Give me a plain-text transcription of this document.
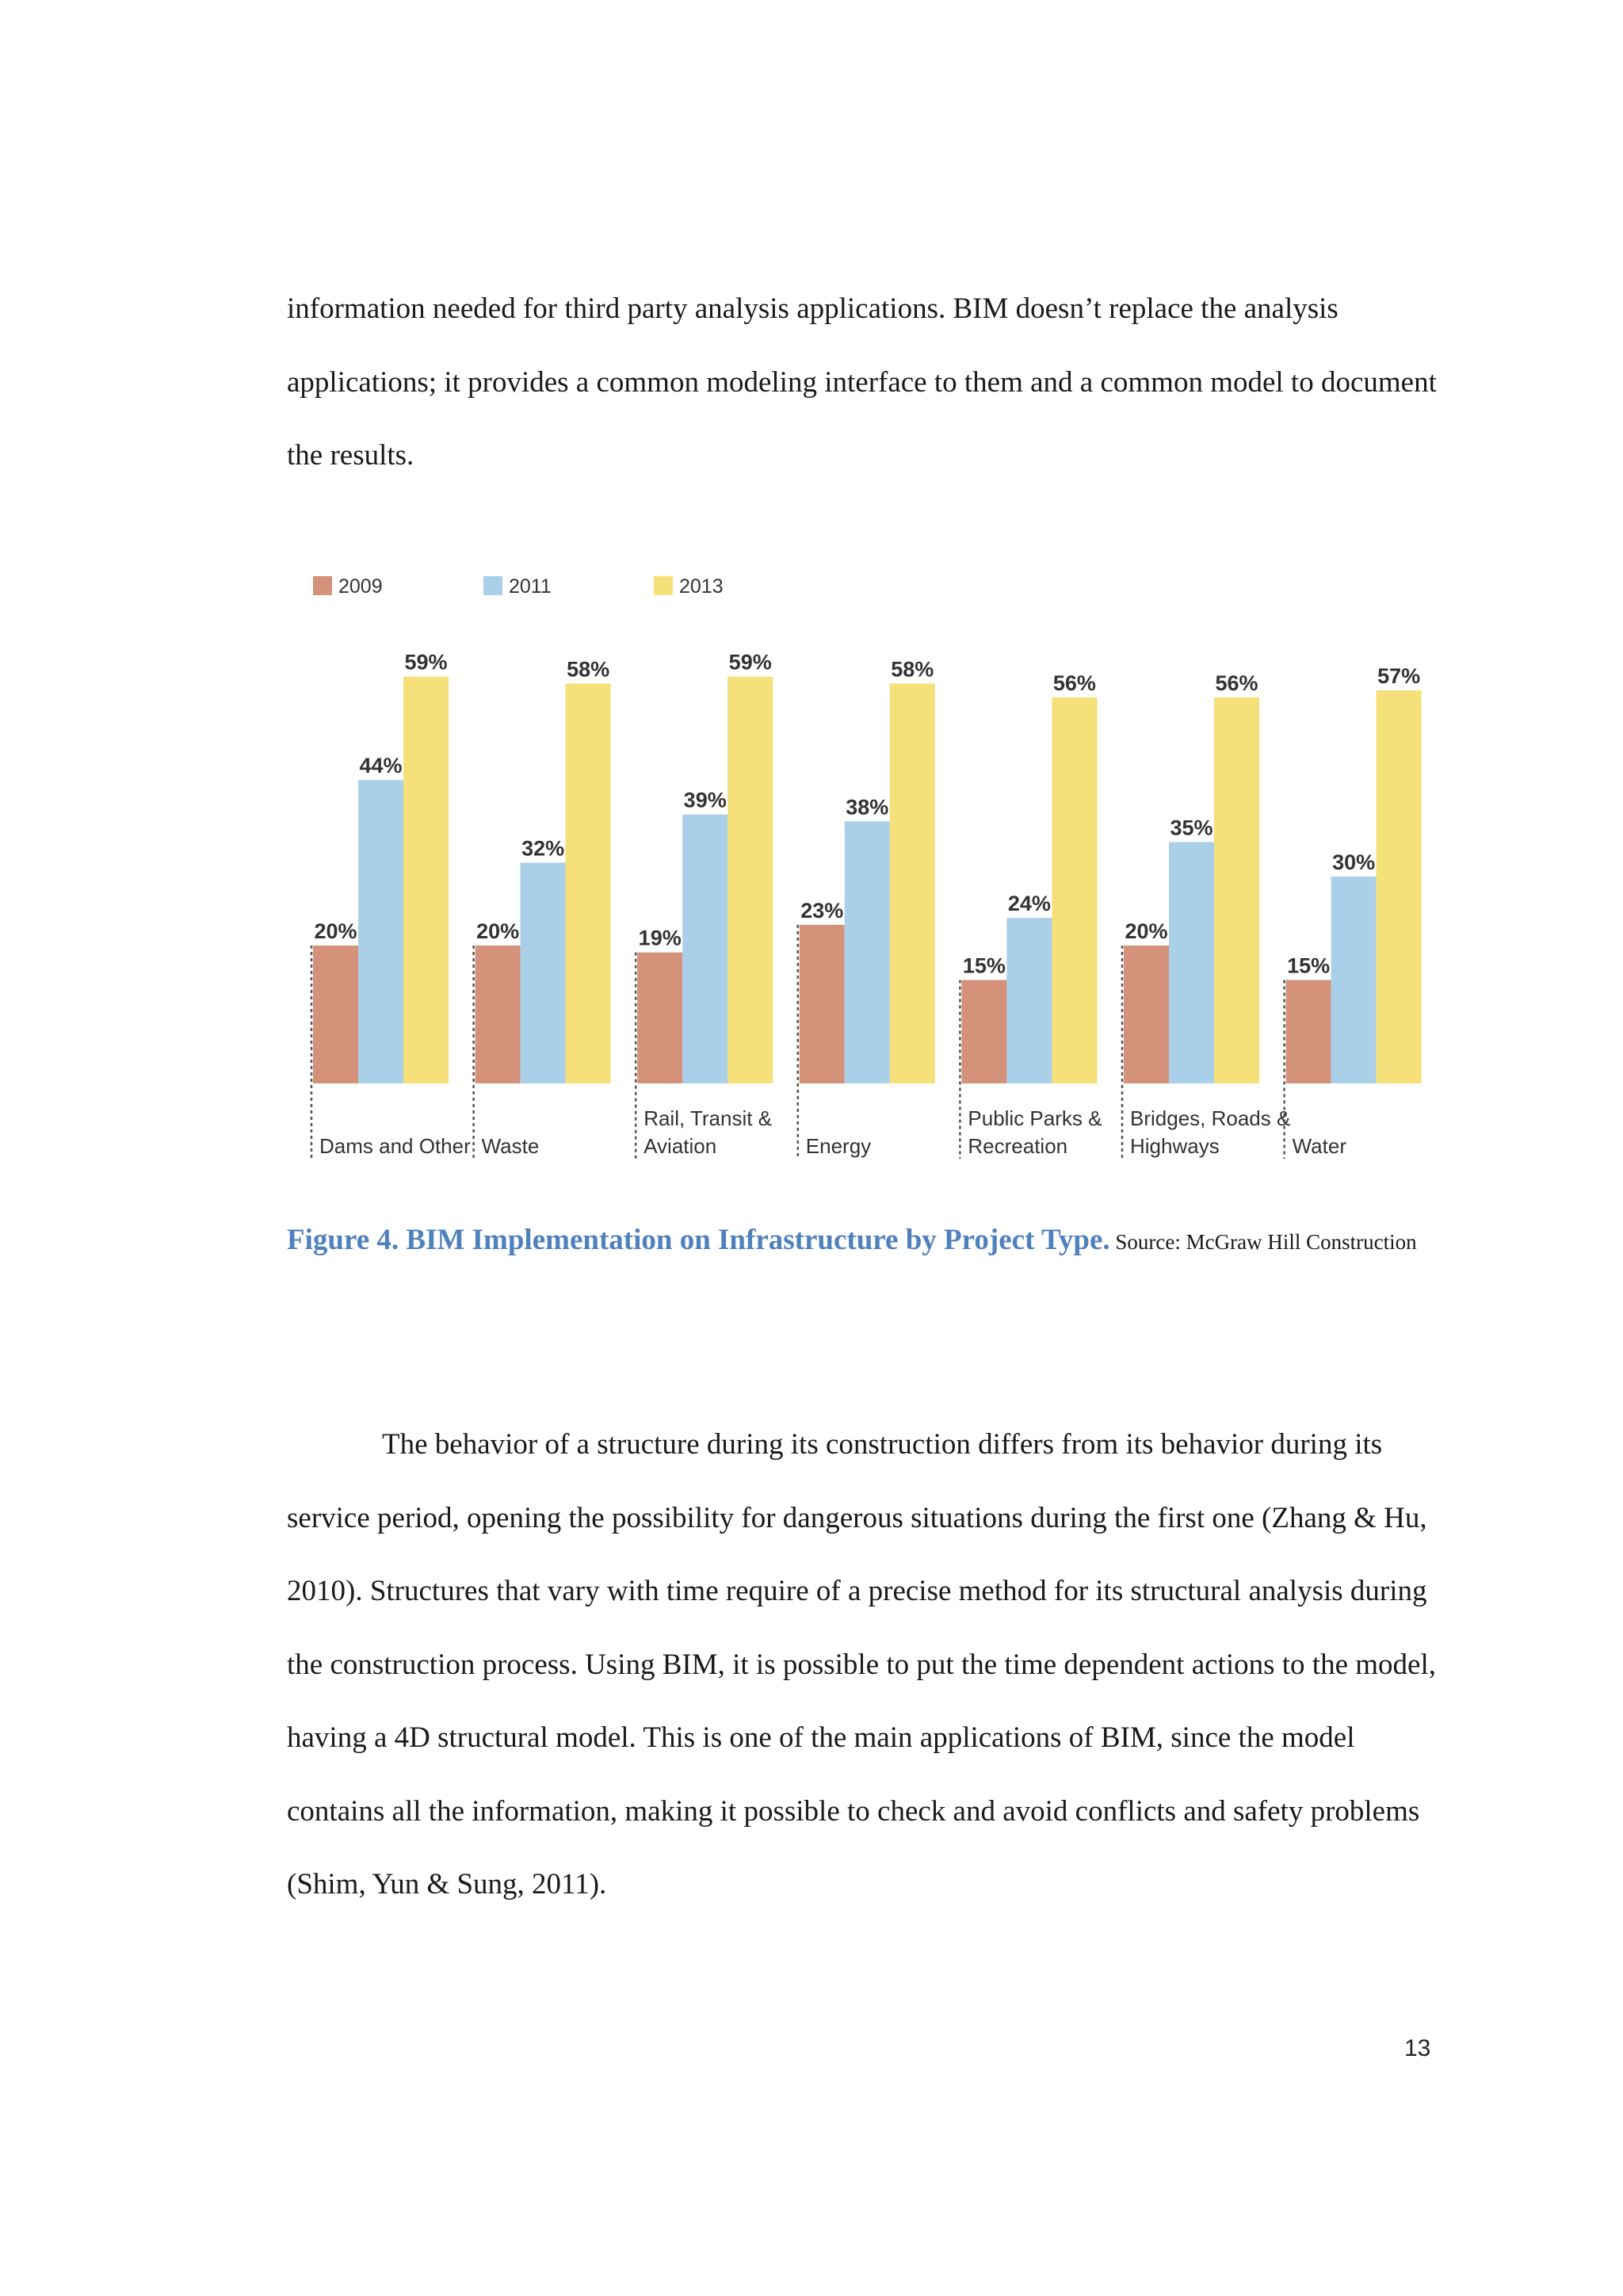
information needed for third party analysis applications. BIM doesn’t replace the analysis applications; it provides a common modeling interface to them and a common model to document the results.

2009	2011	2013
20%
44%
59%
20%
32%
58%
19%
39%
59%
23%
38%
58%
15%
24%
56%
20%
35%
56%
15%
30%
57%
Dams and Other Waste
Rail, Transit &
Aviation	Energy
Public Parks &
Recreation
Bridges, Roads &
Highways	Water

Figure 4. BIM Implementation on Infrastructure by Project Type. Source: McGraw Hill Construction

The behavior of a structure during its construction differs from its behavior during its service period, opening the possibility for dangerous situations during the first one (Zhang & Hu, 2010). Structures that vary with time require of a precise method for its structural analysis during the construction process. Using BIM, it is possible to put the time dependent actions to the model, having a 4D structural model. This is one of the main applications of BIM, since the model contains all the information, making it possible to check and avoid conflicts and safety problems (Shim, Yun & Sung, 2011).

13
